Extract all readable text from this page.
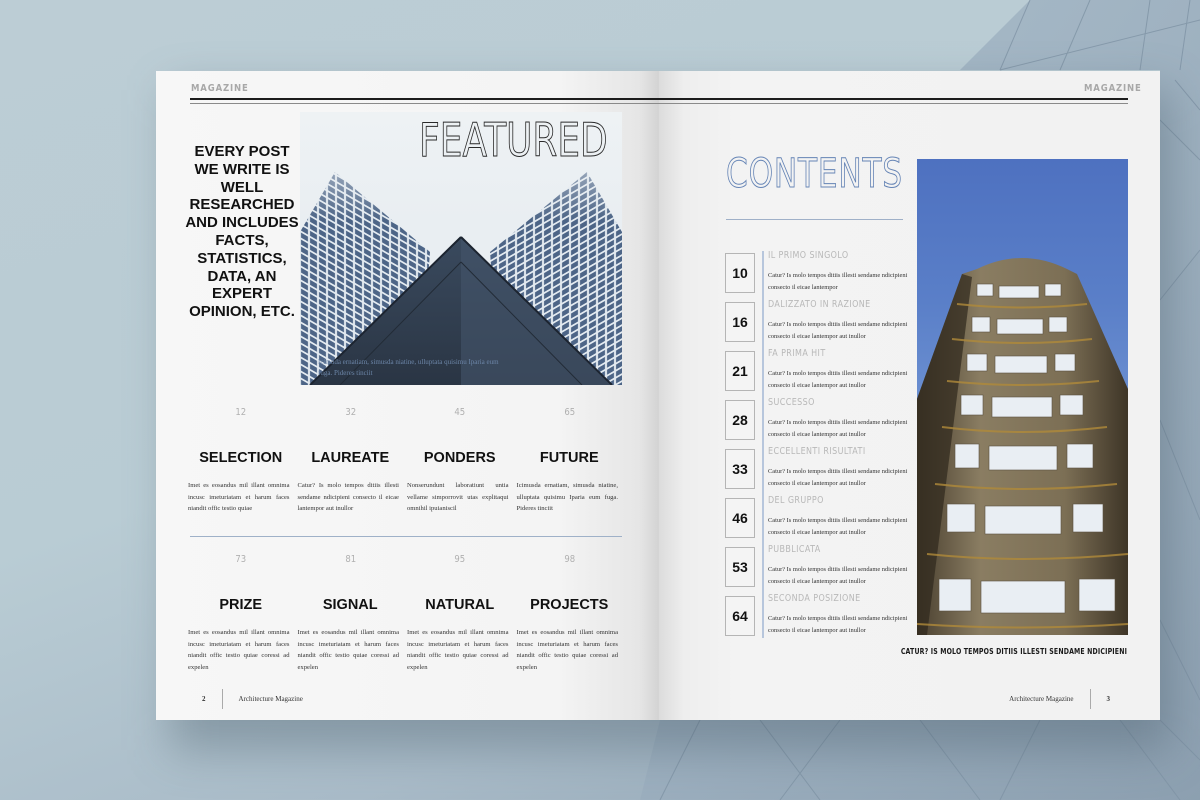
MAGAZINE
EVERY POST WE WRITE IS WELL RESEARCHED AND INCLUDES FACTS, STATISTICS, DATA, AN EXPERT OPINION, ETC.
FEATURED
Icimuda ernatiam, simusda niatine, ulluptata quisimu Iparia eum
fuga. Pideres tinciit
12
SELECTION
Imet es eosandus mil illant omnima incusc imeturiatam et harum faces niandit offic testio quiae
32
LAUREATE
Catur? Is molo tempos ditiis illesti sendame ndicipieni consecto il eicae lantempor aut inullor
45
PONDERS
Nonserundunt laboratiunt untia vellame simporrovit utas explitaqui omnihil ipuianiscil
65
FUTURE
Icimusda ernatiam, simusda niatine, ulluptata quisimu Iparia eum fuga. Pideres tinciit
73
PRIZE
Imet es eosandus mil illant omnima incusc imeturiatam et harum faces niandit offic testio quiae coressi ad expelen
81
SIGNAL
Imet es eosandus mil illant omnima incusc imeturiatam et harum faces niandit offic testio quiae coressi ad expelen
95
NATURAL
Imet es eosandus mil illant omnima incusc imeturiatam et harum faces niandit offic testio quiae coressi ad expelen
98
PROJECTS
Imet es eosandus mil illant omnima incusc imeturiatam et harum faces niandit offic testio quiae coressi ad expelen
2	Architecture Magazine
MAGAZINE
CONTENTS
10
IL PRIMO SINGOLO
Catur? Is molo tempos ditiis illesti sendame ndicipieni consecto il eicae lantempor
16
DALIZZATO IN RAZIONE
Catur? Is molo tempos ditiis illesti sendame ndicipieni consecto il eicae lantempor aut inullor
21
FA PRIMA HIT
Catur? Is molo tempos ditiis illesti sendame ndicipieni consecto il eicae lantempor aut inullor
28
SUCCESSO
Catur? Is molo tempos ditiis illesti sendame ndicipieni consecto il eicae lantempor aut inullor
33
ECCELLENTI RISULTATI
Catur? Is molo tempos ditiis illesti sendame ndicipieni consecto il eicae lantempor aut inullor
46
DEL GRUPPO
Catur? Is molo tempos ditiis illesti sendame ndicipieni consecto il eicae lantempor aut inullor
53
PUBBLICATA
Catur? Is molo tempos ditiis illesti sendame ndicipieni consecto il eicae lantempor aut inullor
64
SECONDA POSIZIONE
Catur? Is molo tempos ditiis illesti sendame ndicipieni consecto il eicae lantempor aut inullor
CATUR? IS MOLO TEMPOS DITIIS ILLESTI SENDAME NDICIPIENI
Architecture Magazine	3
